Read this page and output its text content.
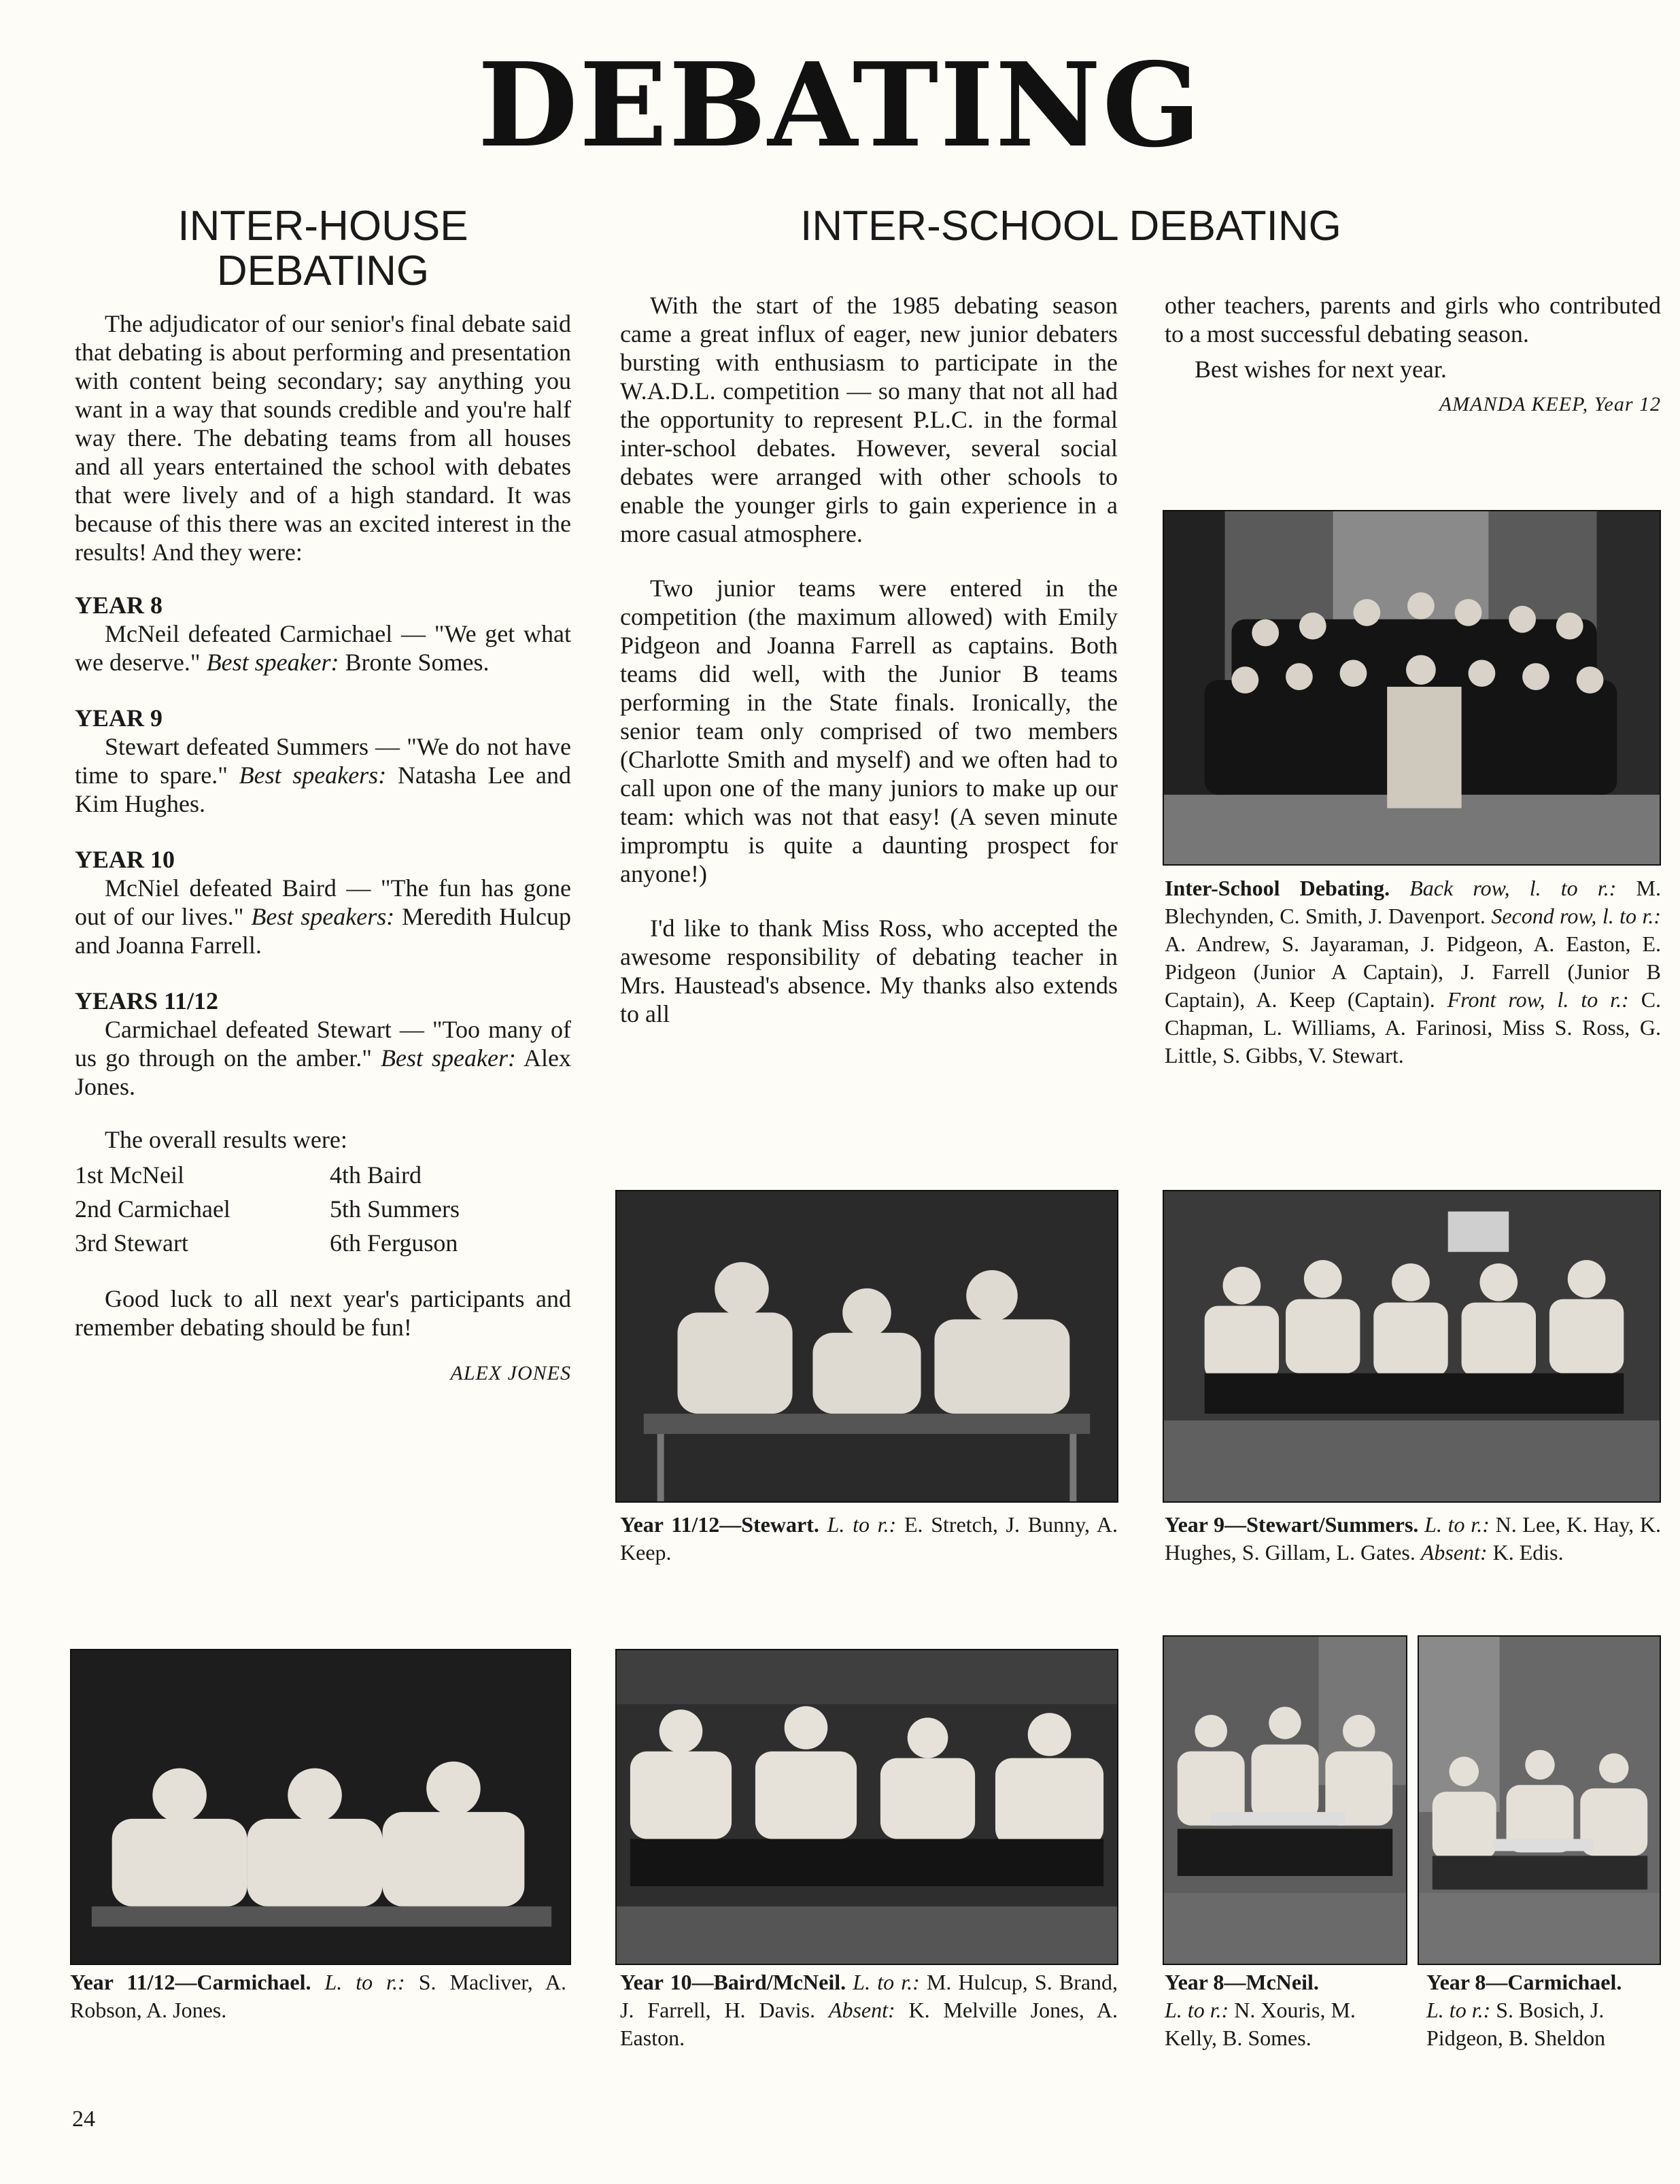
DEBATING
INTER-HOUSE
DEBATING

The adjudicator of our senior's final debate said that debating is about performing and presentation with content being secondary; say anything you want in a way that sounds credible and you're half way there. The debating teams from all houses and all years entertained the school with debates that were lively and of a high standard. It was because of this there was an excited interest in the results! And they were:

YEAR 8

McNeil defeated Carmichael — "We get what we deserve." Best speaker: Bronte Somes.

YEAR 9

Stewart defeated Summers — "We do not have time to spare." Best speakers: Natasha Lee and Kim Hughes.

YEAR 10

McNiel defeated Baird — "The fun has gone out of our lives." Best speakers: Meredith Hulcup and Joanna Farrell.

YEARS 11/12

Carmichael defeated Stewart — "Too many of us go through on the amber." Best speaker: Alex Jones.

The overall results were:

1st McNeil
2nd Carmichael
3rd Stewart
4th Baird
5th Summers
6th Ferguson

Good luck to all next year's participants and remember debating should be fun!

ALEX JONES
INTER-SCHOOL DEBATING

With the start of the 1985 debating season came a great influx of eager, new junior debaters bursting with enthusiasm to participate in the W.A.D.L. competition — so many that not all had the opportunity to represent P.L.C. in the formal inter-school debates. However, several social debates were arranged with other schools to enable the younger girls to gain experience in a more casual atmosphere.

Two junior teams were entered in the competition (the maximum allowed) with Emily Pidgeon and Joanna Farrell as captains. Both teams did well, with the Junior B teams performing in the State finals. Ironically, the senior team only comprised of two members (Charlotte Smith and myself) and we often had to call upon one of the many juniors to make up our team: which was not that easy! (A seven minute impromptu is quite a daunting prospect for anyone!)

I'd like to thank Miss Ross, who accepted the awesome responsibility of debating teacher in Mrs. Haustead's absence. My thanks also extends to all

other teachers, parents and girls who contributed to a most successful debating season.

Best wishes for next year.

AMANDA KEEP, Year 12
Inter-School Debating. Back row, l. to r.: M. Blechynden, C. Smith, J. Davenport. Second row, l. to r.: A. Andrew, S. Jayaraman, J. Pidgeon, A. Easton, E. Pidgeon (Junior A Captain), J. Farrell (Junior B Captain), A. Keep (Captain). Front row, l. to r.: C. Chapman, L. Williams, A. Farinosi, Miss S. Ross, G. Little, S. Gibbs, V. Stewart.
Year 11/12—Stewart. L. to r.: E. Stretch, J. Bunny, A. Keep.
Year 9—Stewart/Summers. L. to r.: N. Lee, K. Hay, K. Hughes, S. Gillam, L. Gates. Absent: K. Edis.
Year 11/12—Carmichael. L. to r.: S. Macliver, A. Robson, A. Jones.
Year 10—Baird/McNeil. L. to r.: M. Hulcup, S. Brand, J. Farrell, H. Davis. Absent: K. Melville Jones, A. Easton.
Year 8—McNeil.
L. to r.: N. Xouris, M. Kelly, B. Somes.
Year 8—Carmichael.
L. to r.: S. Bosich, J. Pidgeon, B. Sheldon
24
